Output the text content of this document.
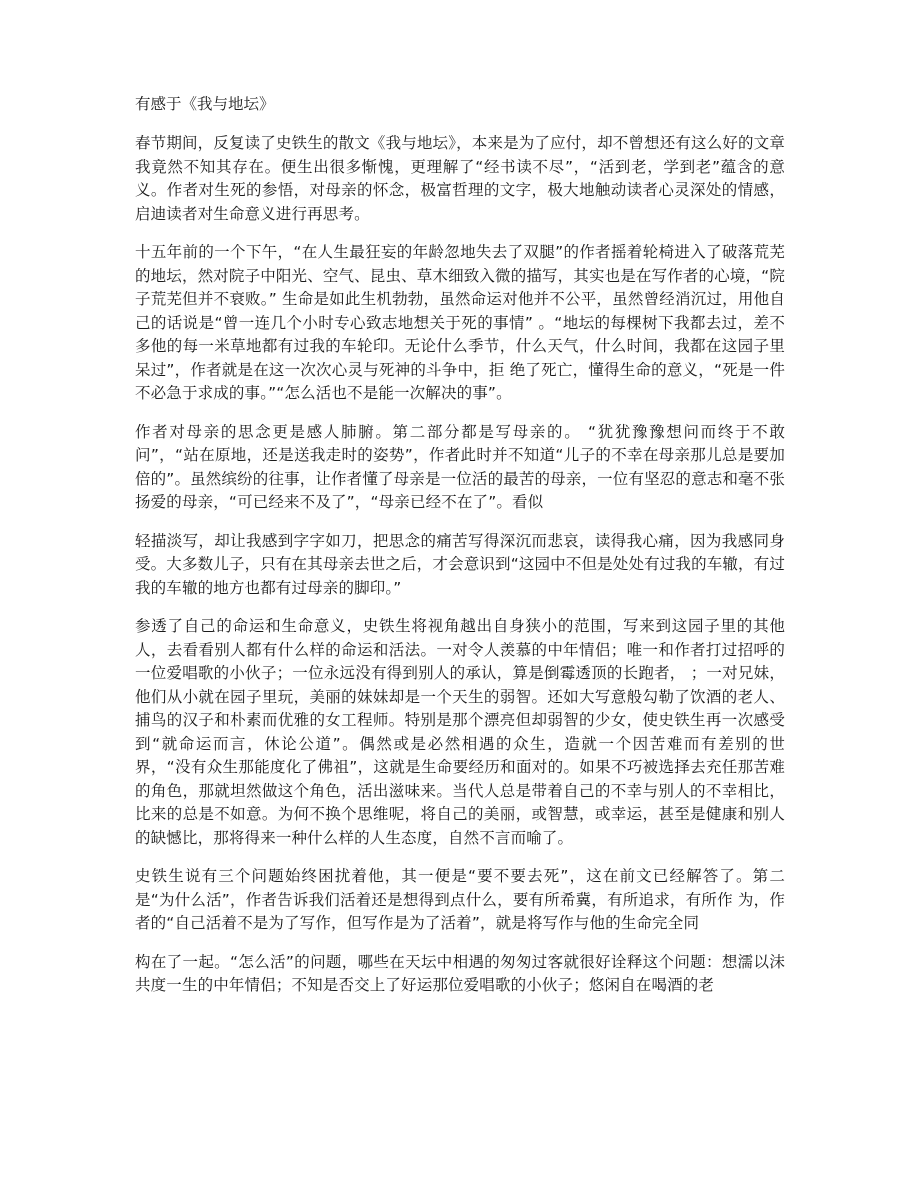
有感于《我与地坛》

春节期间，反复读了史铁生的散文《我与地坛》，本来是为了应付，却不曾想还有这么好的文章我竟然不知其存在。便生出很多惭愧，更理解了“经书读不尽”，“活到老，学到老”蕴含的意义。作者对生死的参悟，对母亲的怀念，极富哲理的文字，极大地触动读者心灵深处的情感，启迪读者对生命意义进行再思考。

十五年前的一个下午，“在人生最狂妄的年龄忽地失去了双腿”的作者摇着轮椅进入了破落荒芜的地坛，然对院子中阳光、空气、昆虫、草木细致入微的描写，其实也是在写作者的心境，“院子荒芜但并不衰败。” 生命是如此生机勃勃，虽然命运对他并不公平，虽然曾经消沉过，用他自己的话说是“曾一连几个小时专心致志地想关于死的事情” 。“地坛的每棵树下我都去过，差不多他的每一米草地都有过我的车轮印。无论什么季节，什么天气，什么时间，我都在这园子里呆过”，作者就是在这一次次心灵与死神的斗争中，拒 绝了死亡，懂得生命的意义，“死是一件不必急于求成的事。”“怎么活也不是能一次解决的事”。

作者对母亲的思念更是感人肺腑。第二部分都是写母亲的。 “犹犹豫豫想问而终于不敢问”，“站在原地，还是送我走时的姿势”，作者此时并不知道“儿子的不幸在母亲那儿总是要加倍的”。虽然缤纷的往事，让作者懂了母亲是一位活的最苦的母亲，一位有坚忍的意志和毫不张扬爱的母亲，“可已经来不及了”，“母亲已经不在了”。看似

轻描淡写，却让我感到字字如刀，把思念的痛苦写得深沉而悲哀，读得我心痛，因为我感同身受。大多数儿子，只有在其母亲去世之后，才会意识到“这园中不但是处处有过我的车辙，有过我的车辙的地方也都有过母亲的脚印。”

参透了自己的命运和生命意义，史铁生将视角越出自身狭小的范围，写来到这园子里的其他人，去看看别人都有什么样的命运和活法。一对令人羡慕的中年情侣；唯一和作者打过招呼的一位爱唱歌的小伙子；一位永远没有得到别人的承认，算是倒霉透顶的长跑者， ；一对兄妹，他们从小就在园子里玩，美丽的妹妹却是一个天生的弱智。还如大写意般勾勒了饮酒的老人、捕鸟的汉子和朴素而优雅的女工程师。特别是那个漂亮但却弱智的少女，使史铁生再一次感受到“就命运而言，休论公道”。偶然或是必然相遇的众生，造就一个因苦难而有差别的世界，“没有众生那能度化了佛祖”，这就是生命要经历和面对的。如果不巧被选择去充任那苦难的角色，那就坦然做这个角色，活出滋味来。当代人总是带着自己的不幸与别人的不幸相比，比来的总是不如意。为何不换个思维呢，将自己的美丽，或智慧，或幸运，甚至是健康和别人的缺憾比，那将得来一种什么样的人生态度，自然不言而喻了。

史铁生说有三个问题始终困扰着他，其一便是“要不要去死”，这在前文已经解答了。第二是“为什么活”，作者告诉我们活着还是想得到点什么，要有所希冀，有所追求，有所作 为，作者的“自己活着不是为了写作，但写作是为了活着”，就是将写作与他的生命完全同

构在了一起。“怎么活”的问题，哪些在天坛中相遇的匆匆过客就很好诠释这个问题：想濡以沫共度一生的中年情侣；不知是否交上了好运那位爱唱歌的小伙子；悠闲自在喝酒的老
